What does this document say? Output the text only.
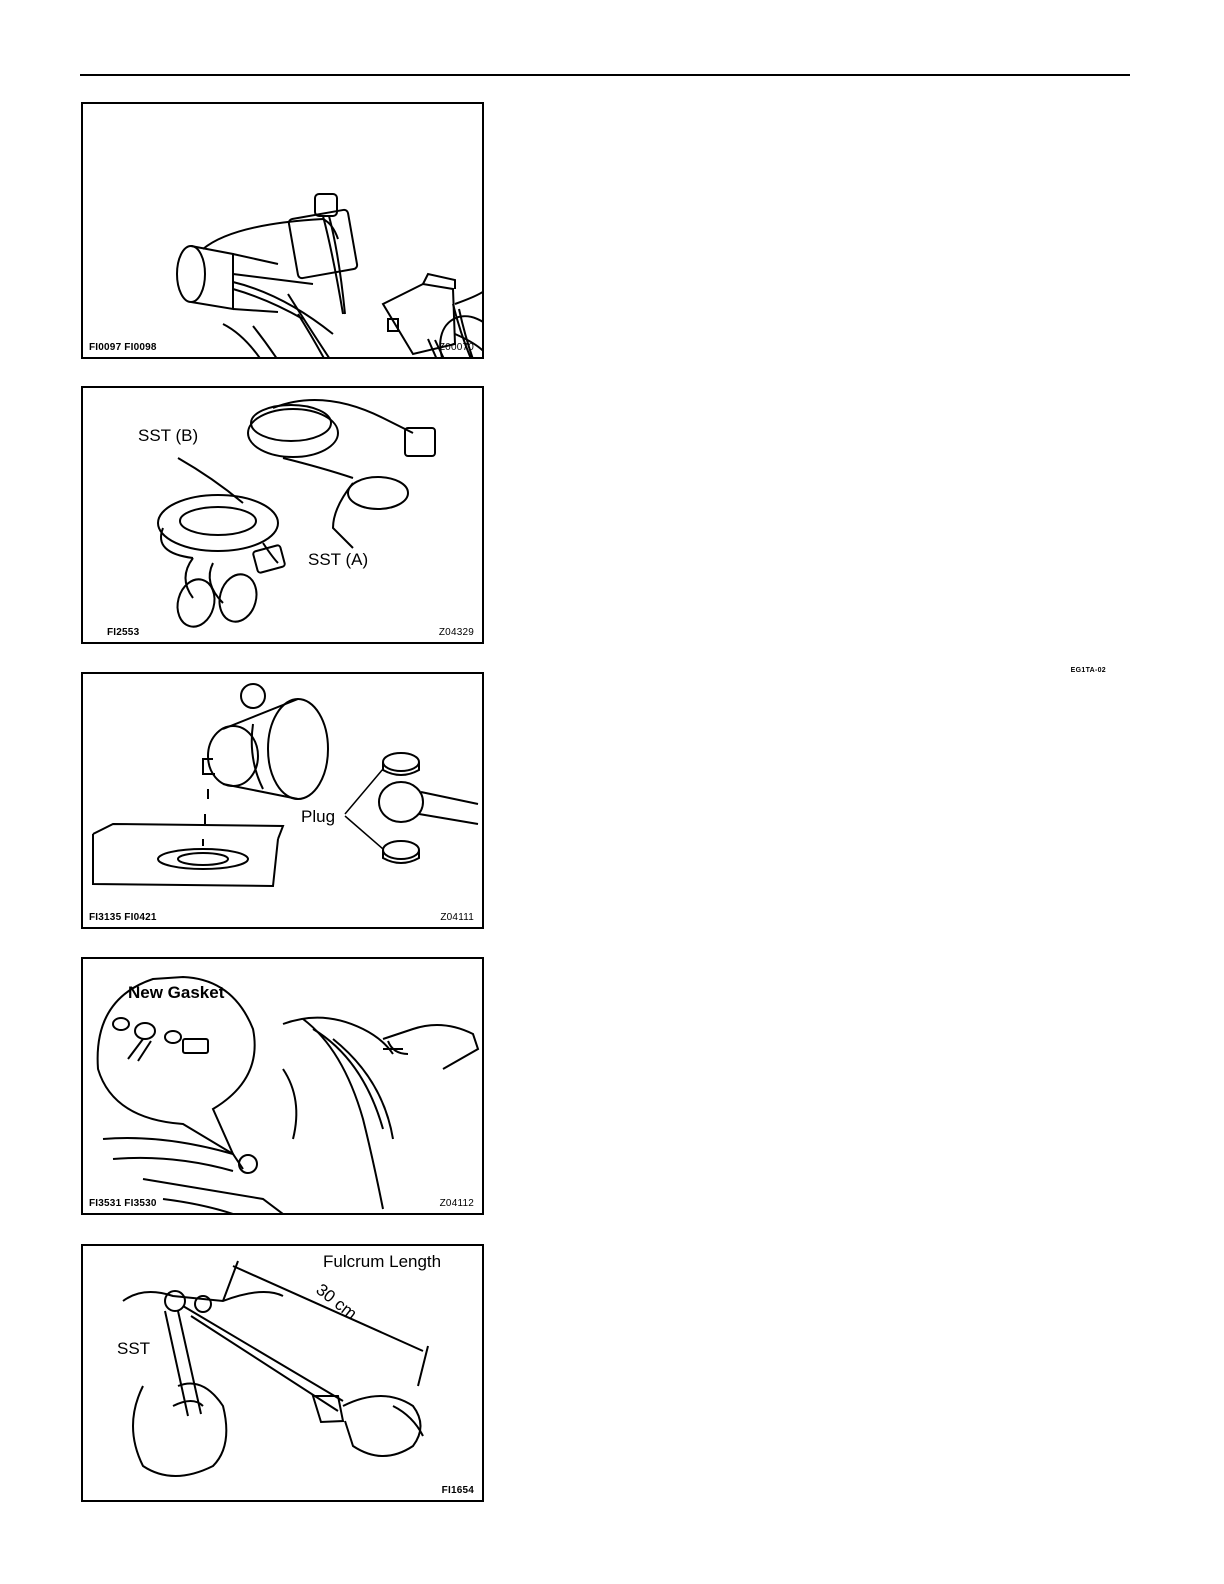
EG1TA-02
FI0097 FI0098	Z00070
SST (B)
SST (A)
FI2553	Z04329
Plug
FI3135 FI0421	Z04111
New Gasket
FI3531 FI3530	Z04112
Fulcrum Length
30 cm
SST
FI1654
